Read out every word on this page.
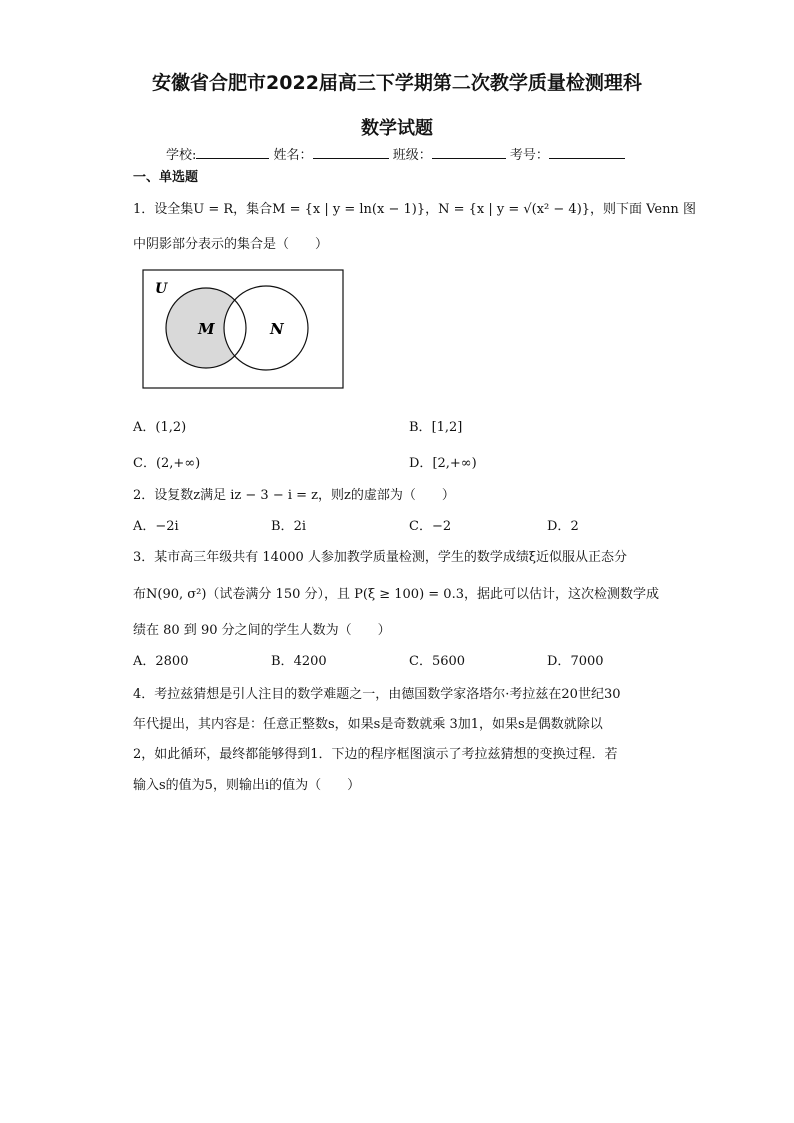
安徽省合肥市2022届高三下学期第二次教学质量检测理科
数学试题
学校:	姓名：	班级：	考号：
一、单选题
1．设全集U = R，集合M = {x | y = ln(x − 1)}，N = {x | y = √(x² − 4)}，则下面 Venn 图
中阴影部分表示的集合是（　　）
U
M	N
A．(1,2)	B．[1,2]
C．(2,+∞)	D．[2,+∞)
2．设复数z满足 iz − 3 − i = z，则z的虚部为（　　）
A．−2i	B．2i	C．−2	D．2
3．某市高三年级共有 14000 人参加教学质量检测，学生的数学成绩ξ近似服从正态分
布N(90, σ²)（试卷满分 150 分），且 P(ξ ≥ 100) = 0.3，据此可以估计，这次检测数学成
绩在 80 到 90 分之间的学生人数为（　　）
A．2800	B．4200	C．5600	D．7000
4．考拉兹猜想是引人注目的数学难题之一，由德国数学家洛塔尔·考拉兹在20世纪30
年代提出，其内容是：任意正整数s，如果s是奇数就乘 3加1，如果s是偶数就除以
2，如此循环，最终都能够得到1．下边的程序框图演示了考拉兹猜想的变换过程．若
输入s的值为5，则输出i的值为（　　）
